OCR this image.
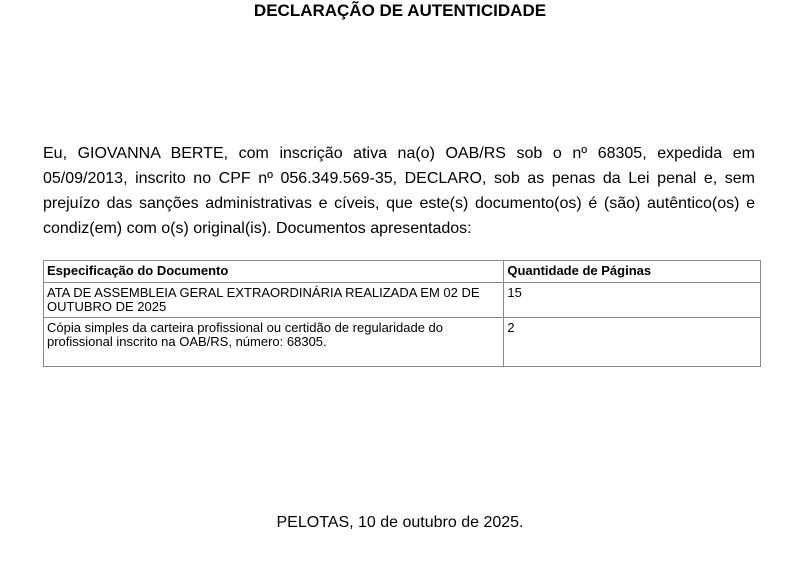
DECLARAÇÃO DE AUTENTICIDADE

Eu, GIOVANNA BERTE, com inscrição ativa na(o) OAB/RS sob o nº 68305, expedida em 05/09/2013, inscrito no CPF nº 056.349.569-35, DECLARO, sob as penas da Lei penal e, sem prejuízo das sanções administrativas e cíveis, que este(s) documento(os) é (são) autêntico(os) e condiz(em) com o(s) original(is). Documentos apresentados:

Especificação do Documento	Quantidade de Páginas
ATA DE ASSEMBLEIA GERAL EXTRAORDINÁRIA REALIZADA EM 02 DE OUTUBRO DE 2025	15
Cópia simples da carteira profissional ou certidão de regularidade do profissional inscrito na OAB/RS, número: 68305.	2

PELOTAS, 10 de outubro de 2025.
